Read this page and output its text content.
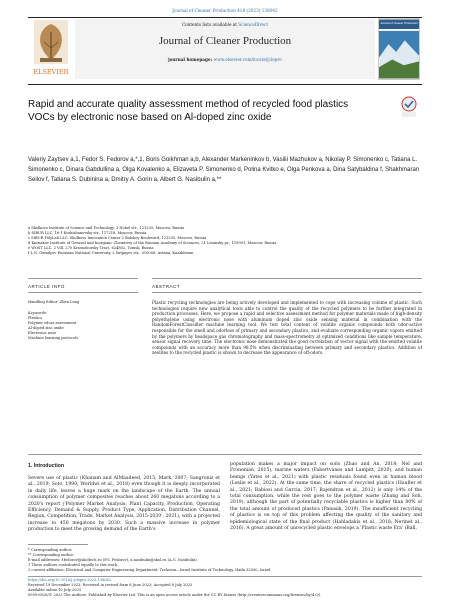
Journal of Cleaner Production 418 (2023) 138042
ELSEVIER
Contents lists available at ScienceDirect
Journal of Cleaner Production
journal homepage: www.elsevier.com/locate/jclepro
Journal of Cleaner Production
Rapid and accurate quality assessment method of recycled food plastics VOCs by electronic nose based on Al-doped zinc oxide
Valeriy Zaytsev a,1, Fedor S. Fedorov a,*,1, Boris Goikhman a,b, Alexander Markeninkov b, Vasilii Mazhukov a, Nikolay P. Simonenko c, Tatiana L. Simonenko c, Dinara Gabdullina a, Olga Kovalenko a, Elizaveta P. Simonenko d, Polina Kvitko e, Olga Penkova a, Dina Satybaldina f, Shakhmaran Seilov f, Tatiana S. Dubinina a, Dmitry A. Gorin a, Albert G. Nasibulin a,**
a Skolkovo Institute of Science and Technology, 3 Nobel str., 121205, Moscow, Russia
b SIBUR LLC, 16-1 Krzhizhanovsky str., 117218, Moscow, Russia
c SIBUR PolyLab LLC, Skolkovo Innovation Center 2 Bolshoy Boulevard, 121205, Moscow, Russia
d Kurnakov Institute of General and Inorganic Chemistry of the Russian Academy of Sciences, 31 Leninsky pr., 119991, Moscow, Russia
e WOST LLC, 2 Vill. 270 Krasnoborsky Tract, 624802, Tomsk, Russia
f L.N. Gumilyov Eurasian National University, 2 Satpayev str., 010008, Astana, Kazakhstan
ARTICLE INFO	ABSTRACT
Handling Editor: Zhen Leng
Keywords:
Plastics
Polymer odors assessment
Al-doped zinc oxide
Electronic nose
Machine learning protocols
Plastic recycling technologies are being actively developed and implemented to cope with increasing volume of plastic. Such technologies require new analytical tools able to control the quality of the recycled polymers to be further integrated in production processes. Here, we propose a rapid and selective assessment method for polymer materials made of high-density polyethylene using electronic nose with aluminum doped zinc oxide sensing material in combination with the RandomForestClassifier machine learning tool. We test total content of volatile organic compounds both odor-active responsible for the smell and odorless of primary and secondary plastics, and evaluate corresponding organic vapors emitted by the polymers by headspace gas chromatography and mass-spectrometry at optimized conditions like sample temperature, sensor signal recovery time. The electronic nose demonstrated the good correlation of vector signal with the emitted volatile compounds with an accuracy more than 98.5% when discriminating between primary and secondary plastics. Addition of zeolites to the recycled plastic is shown to decrease the appearance of off-odors.
1. Introduction
Severe use of plastic (Khanam and AlMaadeed, 2015; Mark, 2007; Sangroniz et al., 2019; Soto, 1990; Worldwi et al., 2018) even though it is deeply incorporated in daily life, leaves a huge mark on the landscape of the Earth. The annual consumption of polymer composites reaches about 260 megatons according to a 2020's report ('Polymer Market Analysis: Plant Capacity, Production, Operating Efficiency, Demand & Supply, Product Type, Application, Distribution Channel, Region, Competition, Trade, Market Analysis, 2015-2030', 2021), with a projected increase to 450 megatons by 2030. Such a massive increase in polymer production to meet the growing demand of the Earth's
population makes a major impact on soils (Zhao and An, 2018; Nel and Froneman, 2015), marine waters (Fabertvanes and Lampitt, 2020), and human beings (Yates et al., 2021) with plastic residuals found even in human blood (Leslie et al., 2022). At the same time, the share of recycled plastics (Haufler et al., 2021; Rabiosi and Garcia, 2017; Rajendran et al., 2012) is only 14% of the total consumption, while the rest goes to the polymer waste (Zhang and Soh, 2019), although the part of potentially recyclable plastics is higher than 80% of the total amount of produced plastics (Panasik, 2019). The insufficient recycling of plastics is on top of this problem affecting the quality of the sanitary and epidemiological state of the final product (Hahladakis et al., 2018; Nerinet al., 2016). A great amount of unrecycled plastic envelops a 'Plastic waste Era' (Ball,
* Corresponding author.
** Corresponding author.
E-mail addresses: f.fedorov@skoltech.ru (F.S. Fedorov), a.nasibulin@skol.ru (A.G. Nasibulin).
1 These authors contributed equally to this work.
2 current affiliation: Electrical and Computer Engineering Department, Technion—Israel Institute of Technology, Haifa 32000, Israel.
https://doi.org/10.1016/j.jclepro.2023.138042
Received 19 December 2022; Received in revised form 6 June 2023; Accepted 8 July 2023
Available online 10 July 2023
0959-6526/© 2023 The Authors. Published by Elsevier Ltd. This is an open access article under the CC BY license (http://creativecommons.org/licenses/by/4.0/).
